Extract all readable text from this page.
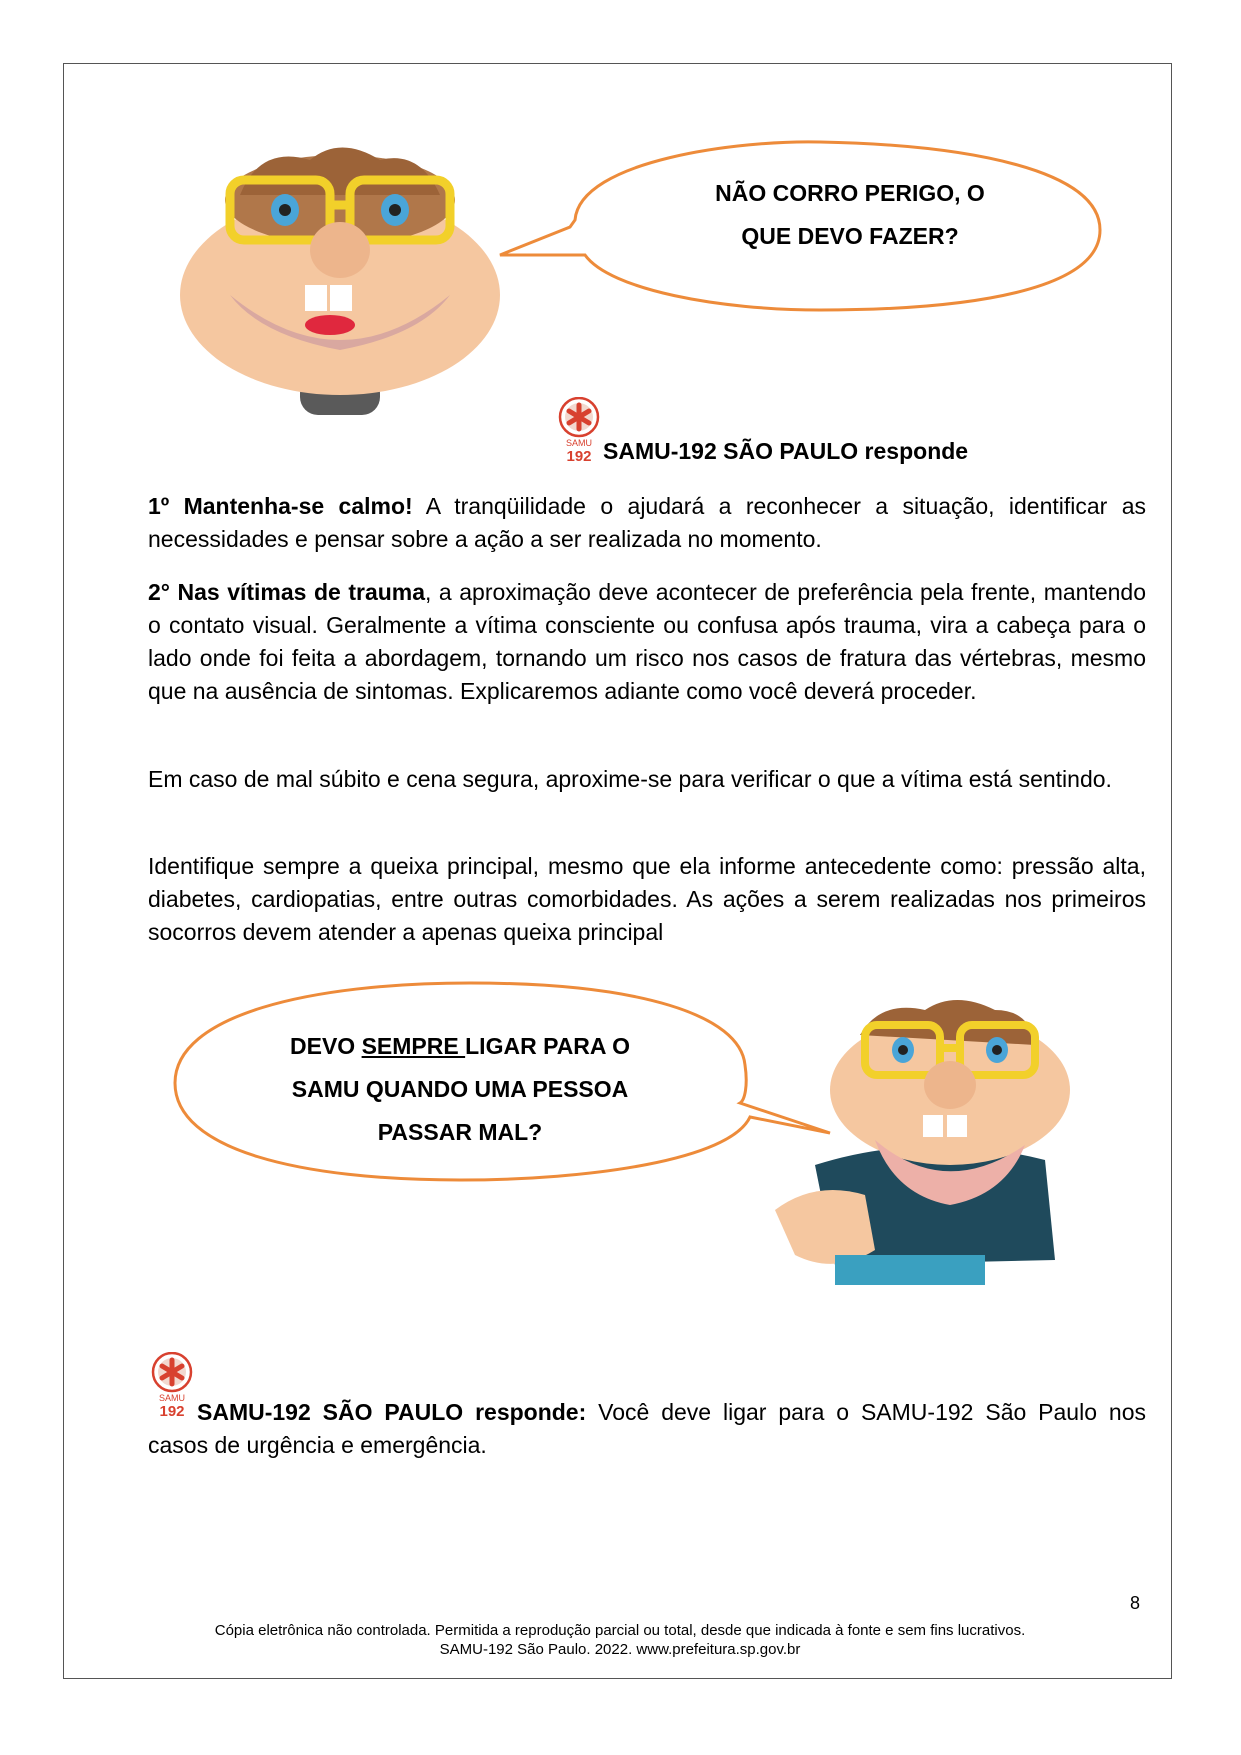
NÃO CORRO PERIGO, O
QUE DEVO FAZER?
SAMU
192 SAMU-192 SÃO PAULO responde

1º Mantenha-se calmo! A tranqüilidade o ajudará a reconhecer a situação, identificar as necessidades e pensar sobre a ação a ser realizada no momento.

2° Nas vítimas de trauma, a aproximação deve acontecer de preferência pela frente, mantendo o contato visual. Geralmente a vítima consciente ou confusa após trauma, vira a cabeça para o lado onde foi feita a abordagem, tornando um risco nos casos de fratura das vértebras, mesmo que na ausência de sintomas. Explicaremos adiante como você deverá proceder.

Em caso de mal súbito e cena segura, aproxime-se para verificar o que a vítima está sentindo.

Identifique sempre a queixa principal, mesmo que ela informe antecedente como: pressão alta, diabetes, cardiopatias, entre outras comorbidades. As ações a serem realizadas nos primeiros socorros devem atender a apenas queixa principal

DEVO SEMPRE LIGAR PARA O
SAMU QUANDO UMA PESSOA
PASSAR MAL?
SAMU
192 SAMU-192 SÃO PAULO responde: Você deve ligar para o SAMU-192 São Paulo nos casos de urgência e emergência.

8
Cópia eletrônica não controlada. Permitida a reprodução parcial ou total, desde que indicada à fonte e sem fins lucrativos.
SAMU-192 São Paulo. 2022. www.prefeitura.sp.gov.br
